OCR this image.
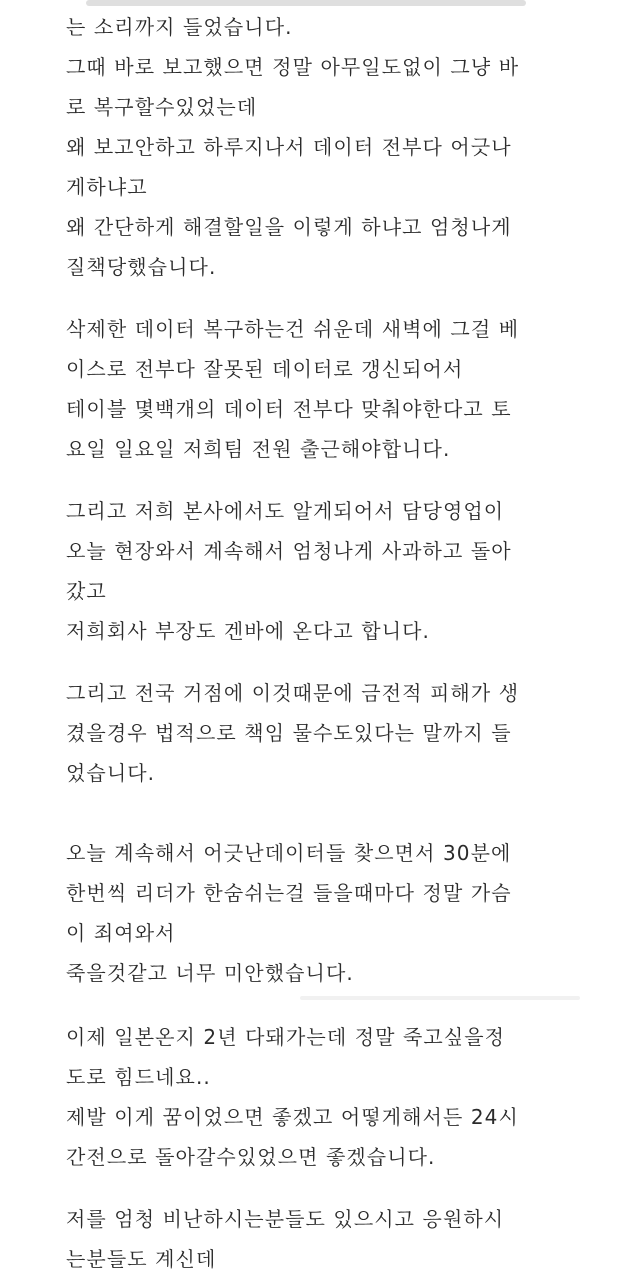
는 소리까지 들었습니다.
그때 바로 보고했으면 정말 아무일도없이 그냥 바
로 복구할수있었는데
왜 보고안하고 하루지나서 데이터 전부다 어긋나
게하냐고
왜 간단하게 해결할일을 이렇게 하냐고 엄청나게
질책당했습니다.
삭제한 데이터 복구하는건 쉬운데 새벽에 그걸 베
이스로 전부다 잘못된 데이터로 갱신되어서
테이블 몇백개의 데이터 전부다 맞춰야한다고 토
요일 일요일 저희팀 전원 출근해야합니다.
그리고 저희 본사에서도 알게되어서 담당영업이
오늘 현장와서 계속해서 엄청나게 사과하고 돌아
갔고
저희회사 부장도 겐바에 온다고 합니다.
그리고 전국 거점에 이것때문에 금전적 피해가 생
겼을경우 법적으로 책임 물수도있다는 말까지 들
었습니다.
오늘 계속해서 어긋난데이터들 찾으면서 30분에
한번씩 리더가 한숨쉬는걸 들을때마다 정말 가슴
이 죄여와서
죽을것같고 너무 미안했습니다.
이제 일본온지 2년 다돼가는데 정말 죽고싶을정
도로 힘드네요..
제발 이게 꿈이었으면 좋겠고 어떻게해서든 24시
간전으로 돌아갈수있었으면 좋겠습니다.
저를 엄청 비난하시는분들도 있으시고 응원하시
는분들도 계신데
